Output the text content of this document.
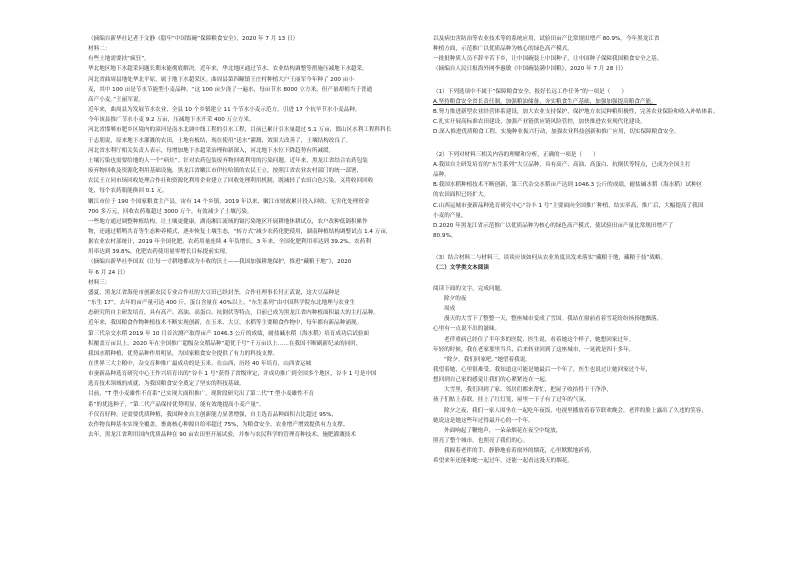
（摘编自新华社记者于文静《稳牢“中国饭碗”保障粮食安全》，2020 年 7 月 13 日）

材料二：

有些土地需要扶“疯狂”。

华北地区地下水超采问题长期未能彻底解决。近年来，华北地区通过节水、农业结构调整等措施压减地下水超采。

河北省曲周县地处华北平原，属于地下水超采区。曲周县第四疃镇王庄村种植大户王丽军今年种了 200 亩小

麦，其中 100 亩是节水节能型小麦品种。“这 100 亩少浇了一遍水，每亩节水 8000 立方米，但产量却相当于普通

高产小麦。”王丽军说。

近年来，曲周县为发展节水农业，全县 10 个乡镇建立 11 个节水小麦示范方，引进 17 个抗旱节水小麦品种，

今年该县推广节水小麦 9.2 万亩，压减地下水开采 400 万立方米。

河北省邯郸市肥乡区境内的漳河是南水北调中线工程的引水工程，目前已累计引水量超过 5.1 万亩，邯山区水利工程科科长

于志朋说，原来地下水灌溉的农田，土地有板结，现在使用“送水”灌溉，效果大改善了，土壤结构改良了。

河北省水利厅相关负责人表示，每增加地下水超采治理和新深入，河北地下水位下降趋势有所减缓。

土壤污染也需要给地的人一个“病灶”。针对农药包装废弃物回收利用的污染问题，近年来，黑龙江省结合农药包装

废弃物回收及资源化利用基础设施，黑龙江省嫩江市伊拉哈镇的农民王立，按照江省农业农村部门的统一部署，

农民王立同市场回收处理合作社和资源化利用企业建立了回收处理利用机制，既减轻了农田白色污染，又将收回回收

处，每个农药瓶能换回 0.1 元。

嫩江市位于 190 个国家粮食主产县，宙有 14 个乡镇，2019 年以来，嫩江市财政累计投入回收、无害化处理资金

700 多万元，回收农药瓶超过 3000 万个，有效减少了土壤污染。

一些地方通过调整种植结构，让土壤更健康。湖南湘江流域的镉污染地区开展耕地休耕试点，农户改种低镉积累作

物，还通过稻鸭共育等生态种养模式，逐步恢复土壤生态，“转方式”减少农药化肥使用，湖南种植结构调整试点 1.4 万亩，

据农业农村部统计，2019 年全国化肥、农药用量连续 4 年负增长，3 年来，全国化肥利用率达到 39.2%。农药利

用率达到 39.8%，化肥农药使用量零增长目标提前实现。

（摘编自新华社李国双《让每一寸耕地都成为丰收的沃土——我国加强耕地保护，推进“藏粮于地”》，2020

年 6 月 24 日）

材料三：

盛夏，黑龙江省海伦市创新农民专业合作社的大豆田已经封垄，合作社理事长付正武说，这大豆品种是

“东生 17”，去年的亩产量可达 400 斤，蛋白含量在 40%以上。“东生系列”由中国科学院东北地理与农业生

态研究所自主研发培育，具有高产、高油、高蛋白、抗倒伏等特点，目前已成为黑龙江省内种植面积最大的主打品种。

近年来，我国粮食作物种植技术不断实现创新，在玉米、大豆、水稻等主要粮食作物中，每年都有新品种涌现。

第三代杂交水稻 2019 年 10 月首次测产取得亩产 1046.3 公斤的成绩，耐盐碱水稻（海水稻）培育成功后试验面

积覆盖万亩以上，2020 年在全国推广超级杂交稻品种“超优千号”千万亩以上……在我国不断刷新纪录的同时，

我国水稻种植，优势品种作用明显，为国家粮食安全提供了有力的科技支撑。

在世界三大主粮中，杂交育种推广最成功的是玉米。在山西，历经 40 年培育，山西省运城

市蚕新品种选育研究中心王作兴培育出的“谷丰 1 号”获得了省级审定，并成功推广到全国多个地区，谷丰 1 号是中国

选育技术领域的成就，为我国粮食安全奠定了坚实的科技基础。

目前，“T 型小麦雄性不育系”已实现大面积推广，现阶段研究出了第二代“T 型小麦雄性不育

系”的优选种子，“第二代产品保持优势明显，能有效地提高小麦产量”。

不仅育好种，还需要优质种植，我国种业自主创新能力显著增强，自主选育品种面积占比超过 95%，

农作物良种基本实现全覆盖，畜禽核心种源自给率超过 75%，为粮食安全、农业增产增效提供有力支撑。

去年，黑龙江省利用国内优质品种在 90 亩农田里开展试验，并参与农民科学的管理育种技术、施肥灌溉技术

以及病虫害防治等农业技术等的系统应用，试验田亩产比常规田增产 80.9%。今年黑龙江省

种植方面，示范推广以优质品种为核心的绿色高产模式。

一批批种质人员不辞辛苦下乡，让中国碗装上中国种子，让中国种子保障我国粮食安全之基。

（摘编自人民日报海外网李惠敏《中国碗装满中国粮》，2020 年 7 月 28 日）

（1）下列选项中不属于“保障粮食安全，报好长远工作任务”的一项是（　　）

A.坚持粮食安全省长责任制，加强粮油储备，夯实粮食生产基础，加强加强提高粮食产能。

B.努力推进新型农业经营体系建设，加大农业支持保护，保护地方农民种粮积极性，完善农业保险和收入补贴体系。

C.扎实开展高标准农田建设，加强产业链供应链风险管控，加快推进农业现代化建设。

D.深入推进优质粮食工程，实施种业振兴行动，加强农业科技创新和推广应用，切实保障粮食安全。

（2）下列对材料三相关内容的理解和分析，正确的一项是（　　）

A.我国自主研发培育的“东生系列”大豆品种，具有高产、高油、高蛋白、抗倒伏等特点，已成为全国主打

品种。

B.我国水稻种植技术不断创新，第三代杂交水稻亩产达到 1046.3 公斤的成绩，耐盐碱水稻（海水稻）试种区

的农田面积已经扩大。

C.山西运城市蚕新品种选育研究中心“谷丰 1 号”主要面向全国推广种植，结实率高，推广后，大幅提高了我国

小麦的产量。

D.2020 年黑龙江省示范推广以优质品种为核心的绿色高产模式，使试验田亩产量比常规田增产了

80.9%。

（3）结合材料二与材料三，谈谈应该如何从农业角度出发来落实“藏粮于地，藏粮于技”战略。

（二）文学类文本阅读

阅读下面的文字，完成问题。

除夕的夜

周成

漫天的大雪下了整整一天，整座城市变成了雪国。我站在窗前看着雪花纷纷扬扬地飘落，

心里有一点说不出的滋味。

老伴重病已经住了半年多的医院，医生说，看着她这个样子，她想回家过年。

年轻的时候，我在老家那里当兵，后来转业回到了这座城市，一晃就是四十多年。

“除夕，我们回家吧。”她望着我说。

我望着她，心里很难受。我知道这可能是她最后一个年了，医生也说过让她回家过个年，

想回到自己家的感觉让我们的心紧紧连在一起。

大雪里，我们回到了家。邻居们都来帮忙，把屋子收拾得干干净净，

孩子们贴上春联，挂上了红灯笼，屋里一下子有了过年的气氛。

除夕之夜，我们一家人围坐在一起吃年夜饭，电视里播放着春节联欢晚会，老伴的脸上露出了久违的笑容，

她说这是她这些年过得最开心的一个年。

外面响起了鞭炮声，一朵朵烟花在夜空中绽放，

照亮了整个城市，也照亮了我们的心。

我握着老伴的手，静静地看着窗外的烟花，心里默默地祈祷，

希望来年还能和她一起过年，还能一起看这漫天的烟花。
